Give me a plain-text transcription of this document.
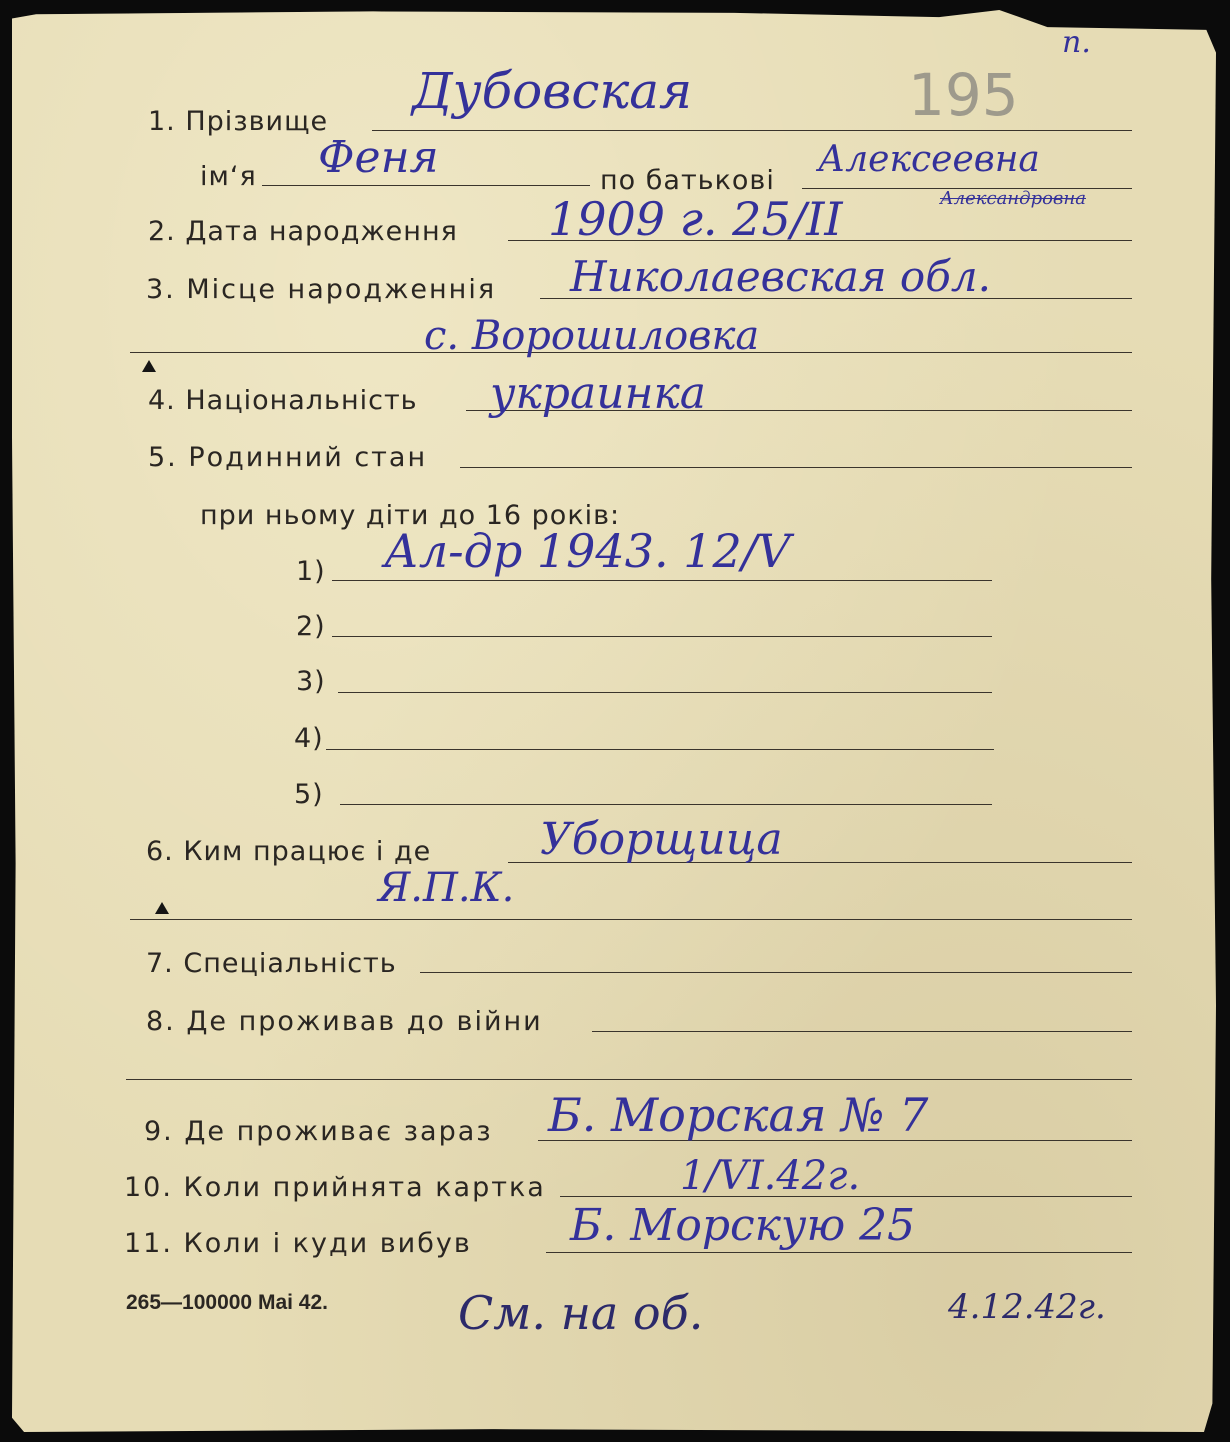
п.
195
1. Прізвище
Дубовская
ім‘я Феня	по батькові
Алексеевна
Александровна
2. Дата народження 1909 г. 25/ІІ
3. Місце народженнія Николаевская обл.
с. Ворошиловка
4. Національність украинка
5. Родинний стан
при ньому діти до 16 років:
1) Ал-др 1943. 12/V
2)
3)
4)
5)
6. Ким працює і де Уборщица
Я.П.К.
7. Спеціальність
8. Де проживав до війни
9. Де проживає зараз Б. Морская № 7
10. Коли прийнята картка	1/VI.42г.
11. Коли і куди вибув Б. Морскую 25
265—100000 Mai 42.	См. на об.	4.12.42г.
